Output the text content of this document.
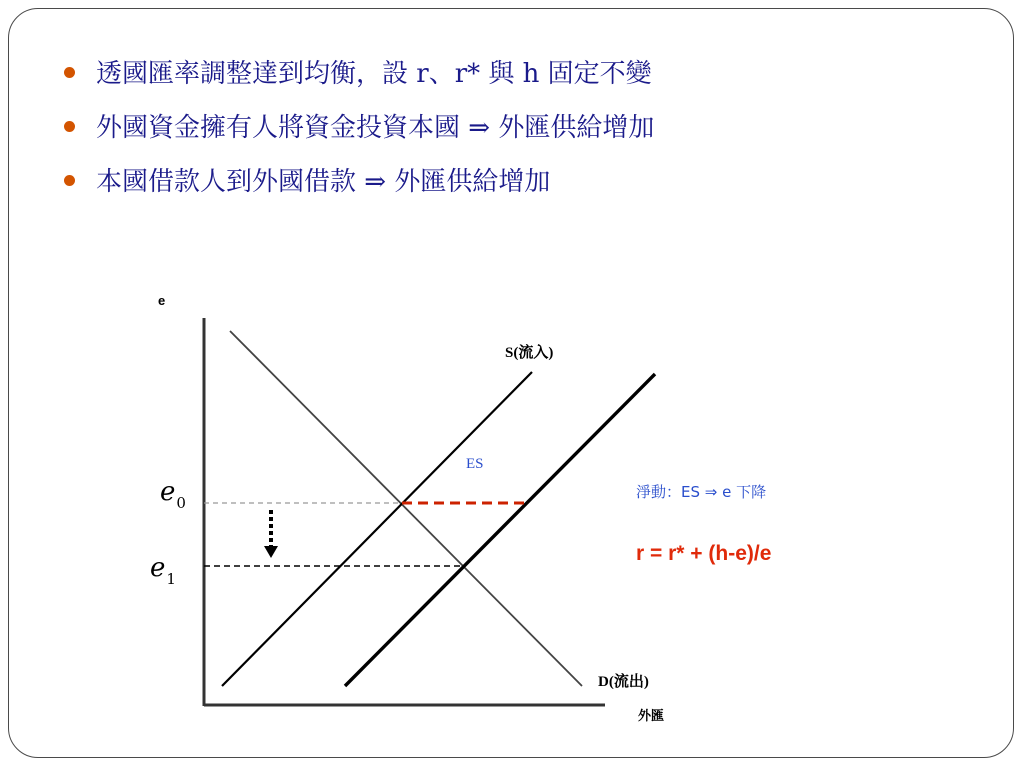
透國匯率調整達到均衡，設 r、r* 與 h 固定不變
外國資金擁有人將資金投資本國 ⇒ 外匯供給增加
本國借款人到外國借款 ⇒ 外匯供給增加
e
外匯
D(流出)
S(流入)
ES
$e_0$
$e_1$
淨動：ES ⇒ e 下降
r = r* + (h-e)/e
